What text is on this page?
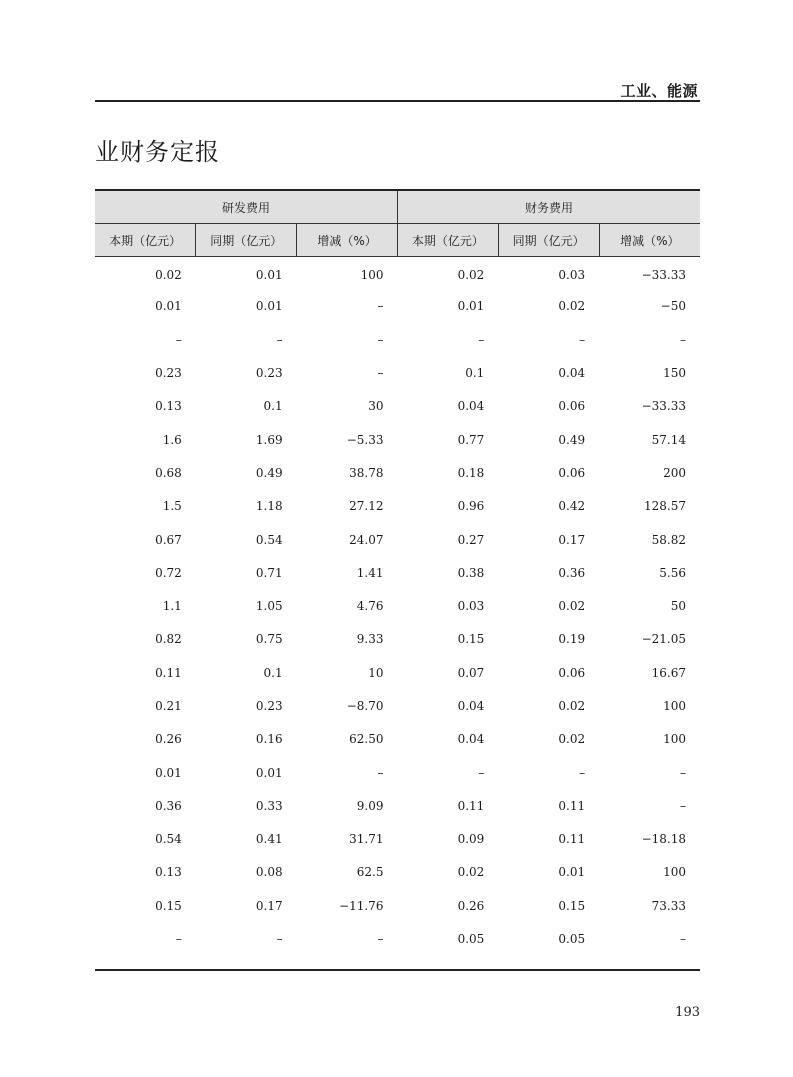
工业、能源
业财务定报
研发费用			财务费用		
本期（亿元）	同期（亿元）	增减（%）	本期（亿元）	同期（亿元）	增减（%）
0.02	0.01	100	0.02	0.03	−33.33
0.01	0.01	–	0.01	0.02	−50
–	–	–	–	–	–
0.23	0.23	–	0.1	0.04	150
0.13	0.1	30	0.04	0.06	−33.33
1.6	1.69	−5.33	0.77	0.49	57.14
0.68	0.49	38.78	0.18	0.06	200
1.5	1.18	27.12	0.96	0.42	128.57
0.67	0.54	24.07	0.27	0.17	58.82
0.72	0.71	1.41	0.38	0.36	5.56
1.1	1.05	4.76	0.03	0.02	50
0.82	0.75	9.33	0.15	0.19	−21.05
0.11	0.1	10	0.07	0.06	16.67
0.21	0.23	−8.70	0.04	0.02	100
0.26	0.16	62.50	0.04	0.02	100
0.01	0.01	–	–	–	–
0.36	0.33	9.09	0.11	0.11	–
0.54	0.41	31.71	0.09	0.11	−18.18
0.13	0.08	62.5	0.02	0.01	100
0.15	0.17	−11.76	0.26	0.15	73.33
–	–	–	0.05	0.05	–
193
